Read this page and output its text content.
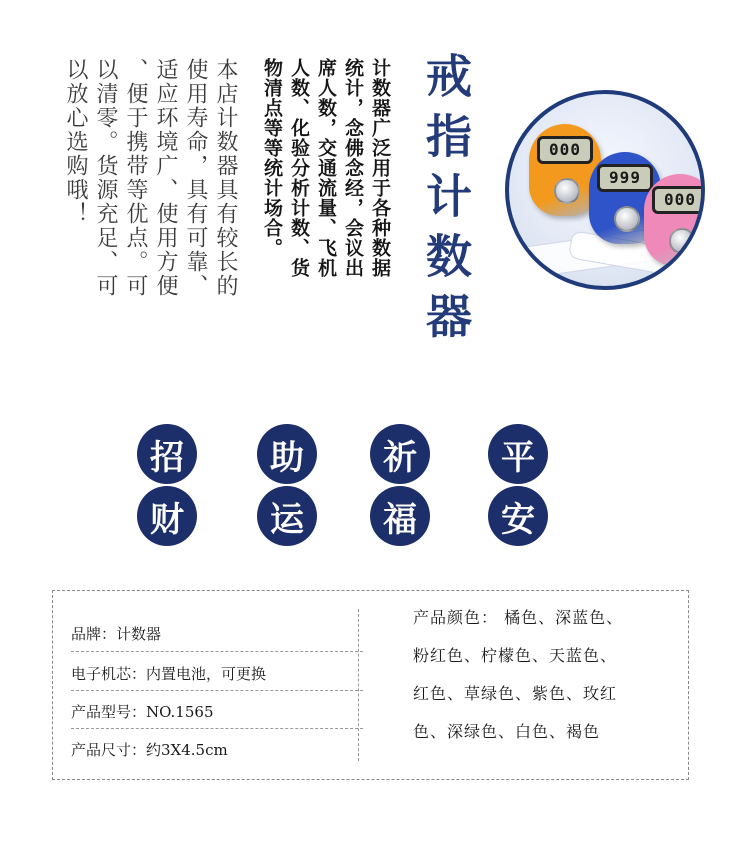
本店计数器具有较长的
使用寿命，具有可靠、
适应环境广、使用方便
、便于携带等优点。可
以清零。货源充足、可
以放心选购哦！	计数器广泛用于各种数据
统计，念佛念经，会议出
席人数，交通流量、飞机
人数、化验分析计数、货
物清点等等统计场合。	戒指计数器	000
999
000
招	助	祈	平
财	运	福	安
品牌：计数器
电子机芯：内置电池，可更换
产品型号：NO.1565
产品尺寸：约3X4.5cm
产品颜色： 橘色、深蓝色、
粉红色、柠檬色、天蓝色、
红色、草绿色、紫色、玫红
色、深绿色、白色、褐色
